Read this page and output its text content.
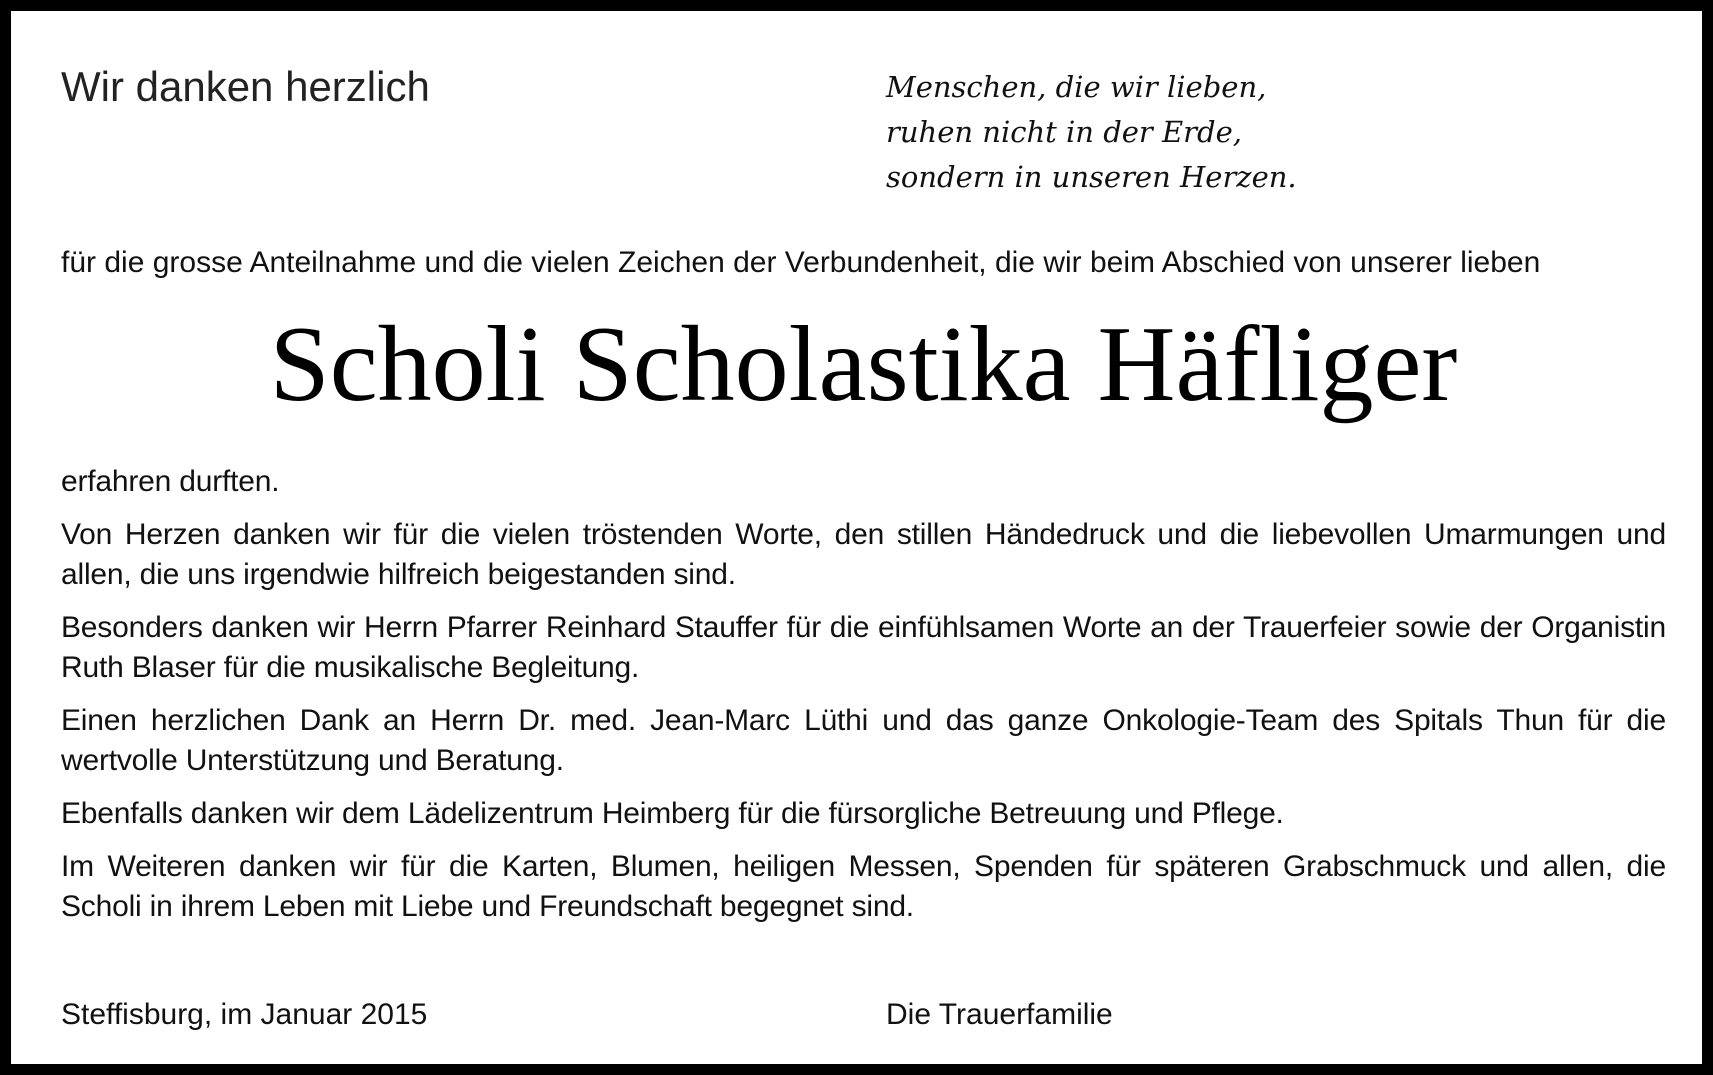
Wir danken herzlich	Menschen, die wir lieben,
ruhen nicht in der Erde,
sondern in unseren Herzen.

für die grosse Anteilnahme und die vielen Zeichen der Verbundenheit, die wir beim Abschied von unserer lieben

Scholi Scholastika Häfliger

erfahren durften.

Von Herzen danken wir für die vielen tröstenden Worte, den stillen Händedruck und die liebevollen Umarmungen und allen, die uns irgendwie hilfreich beigestanden sind.

Besonders danken wir Herrn Pfarrer Reinhard Stauffer für die einfühlsamen Worte an der Trauerfeier sowie der Organistin Ruth Blaser für die musikalische Begleitung.

Einen herzlichen Dank an Herrn Dr. med. Jean-Marc Lüthi und das ganze Onkologie-Team des Spitals Thun für die wertvolle Unterstützung und Beratung.

Ebenfalls danken wir dem Lädelizentrum Heimberg für die fürsorgliche Betreuung und Pflege.

Im Weiteren danken wir für die Karten, Blumen, heiligen Messen, Spenden für späteren Grabschmuck und allen, die Scholi in ihrem Leben mit Liebe und Freundschaft begegnet sind.

Steffisburg, im Januar 2015	Die Trauerfamilie
